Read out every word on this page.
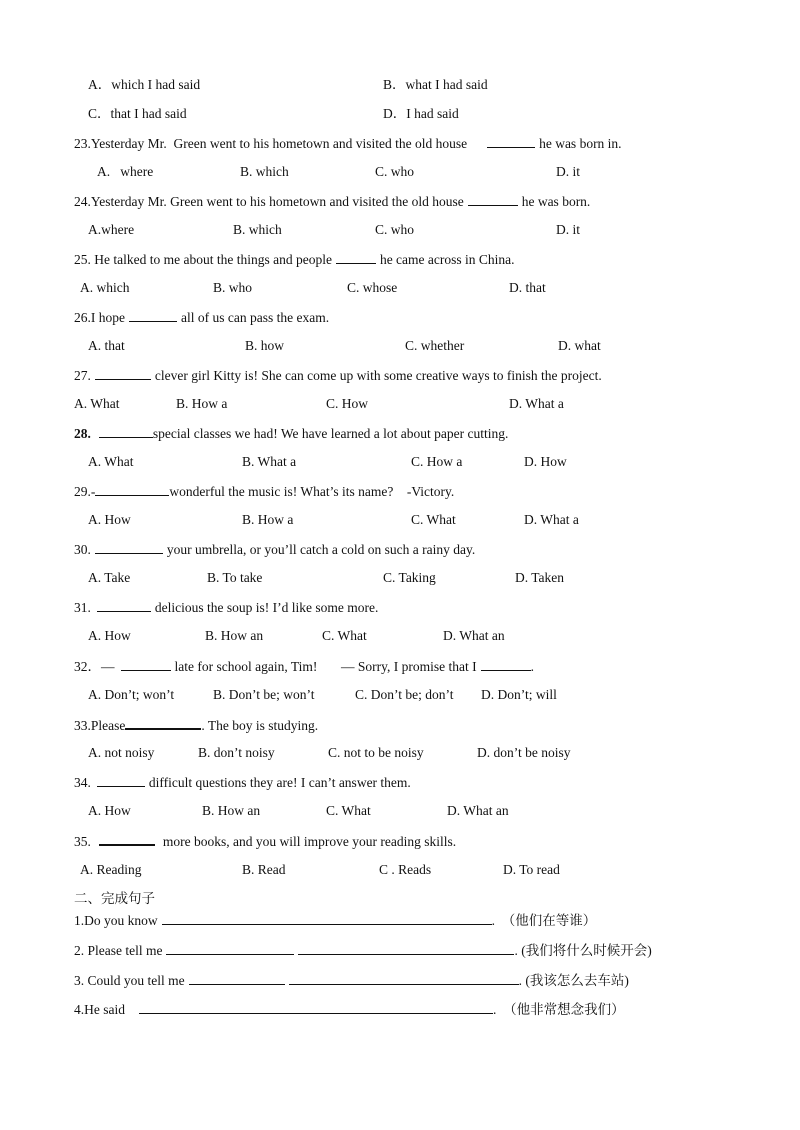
A．which I had said	B．what I had said
C．that I had said	D．I had said
23.Yesterday Mr.  Green went to his hometown and visited the old house	he was born in.
A.   where	B. which	C. who	D. it
24.Yesterday Mr. Green went to his hometown and visited the old house	he was born.
A.where	B. which	C. who	D. it
25. He talked to me about the things and people	he came across in China.
A. which	B. who	C. whose	D. that
26.I hope	all of us can pass the exam.
A. that	B. how	C. whether	D. what
27.	clever girl Kitty is! She can come up with some creative ways to finish the project.
A. What	B. How a	C. How	D. What a
28.	special classes we had! We have learned a lot about paper cutting.
A. What	B. What a	C. How a	D. How
29.-	wonderful the music is! What’s its name?    -Victory.
A. How	B. How a	C. What	D. What a
30.	your umbrella, or you’ll catch a cold on such a rainy day.
A. Take	B. To take	C. Taking	D. Taken
31.	delicious the soup is! I’d like some more.
A. How	B. How an	C. What	D. What an
32．—	late for school again, Tim!       — Sorry, I promise that I	.
A. Don’t; won’t	B. Don’t be; won’t	C. Don’t be; don’t D. Don’t; will
33.Please	. The boy is studying.
A. not noisy	B. don’t noisy	C. not to be noisy	D. don’t be noisy
34.	difficult questions they are! I can’t answer them.
A. How	B. How an	C. What	D. What an
35.	more books, and you will improve your reading skills.
A. Reading	B. Read	C . Reads	D. To read
二、完成句子
1.Do you know	.  （他们在等谁）
2. Please tell me	. (我们将什么时候开会)
3. Could you tell me	. (我该怎么去车站)
4.He said	.  （他非常想念我们）
